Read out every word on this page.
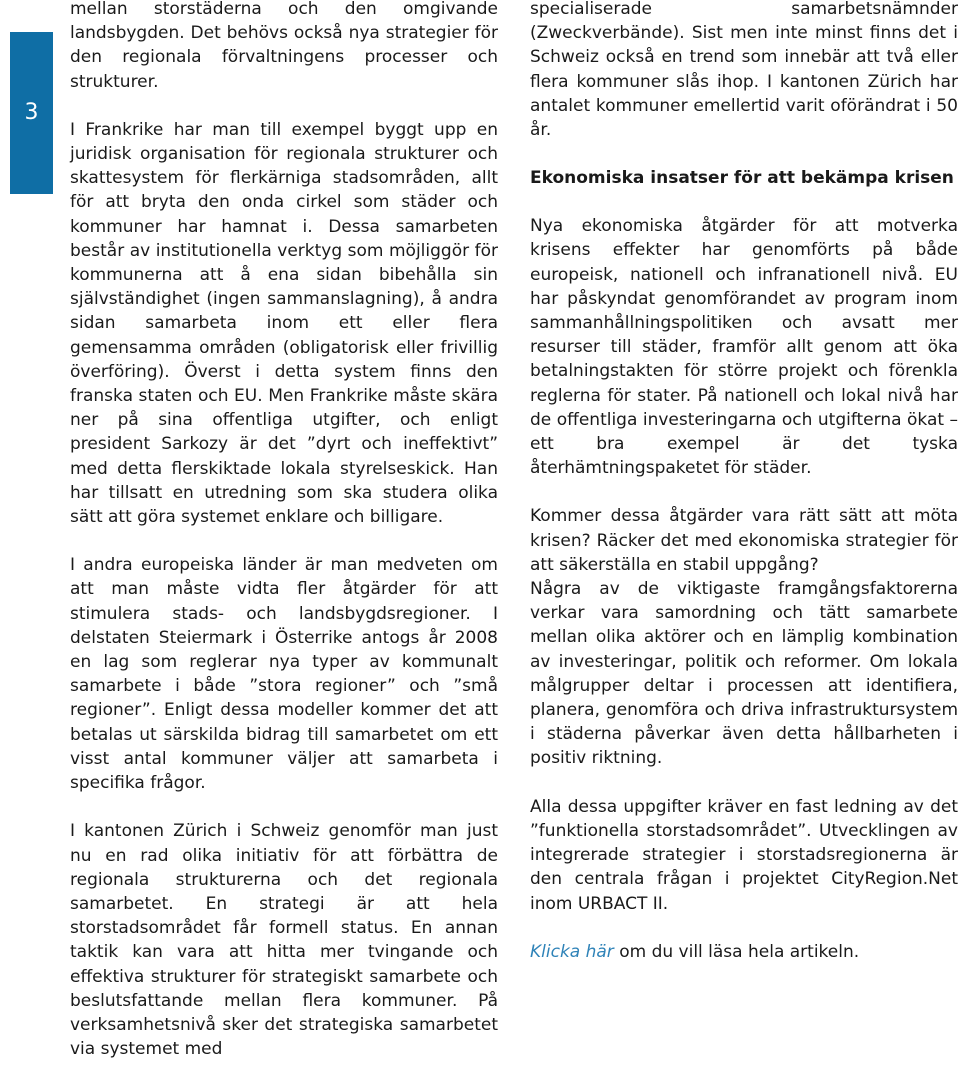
3

mellan storstäderna och den omgivande landsbygden. Det behövs också nya strategier för den regionala förvaltningens processer och strukturer.

I Frankrike har man till exempel byggt upp en juridisk organisation för regionala strukturer och skattesystem för flerkärniga stadsområden, allt för att bryta den onda cirkel som städer och kommuner har hamnat i. Dessa samarbeten består av institutionella verktyg som möjliggör för kommunerna att å ena sidan bibehålla sin självständighet (ingen sammanslagning), å andra sidan samarbeta inom ett eller flera gemensamma områden (obligatorisk eller frivillig överföring). Överst i detta system finns den franska staten och EU. Men Frankrike måste skära ner på sina offentliga utgifter, och enligt president Sarkozy är det ”dyrt och ineffektivt” med detta flerskiktade lokala styrelseskick. Han har tillsatt en utredning som ska studera olika sätt att göra systemet enklare och billigare.

I andra europeiska länder är man medveten om att man måste vidta fler åtgärder för att stimulera stads- och landsbygdsregioner. I delstaten Steiermark i Österrike antogs år 2008 en lag som reglerar nya typer av kommunalt samarbete i både ”stora regioner” och ”små regioner”. Enligt dessa modeller kommer det att betalas ut särskilda bidrag till samarbetet om ett visst antal kommuner väljer att samarbeta i specifika frågor.

I kantonen Zürich i Schweiz genomför man just nu en rad olika initiativ för att förbättra de regionala strukturerna och det regionala samarbetet. En strategi är att hela storstadsområdet får formell status. En annan taktik kan vara att hitta mer tvingande och effektiva strukturer för strategiskt samarbete och beslutsfattande mellan flera kommuner. På verksamhetsnivå sker det strategiska samarbetet via systemet med

specialiserade samarbetsnämnder (Zweckverbände). Sist men inte minst finns det i Schweiz också en trend som innebär att två eller flera kommuner slås ihop. I kantonen Zürich har antalet kommuner emellertid varit oförändrat i 50 år.

Ekonomiska insatser för att bekämpa krisen

Nya ekonomiska åtgärder för att motverka krisens effekter har genomförts på både europeisk, nationell och infranationell nivå. EU har påskyndat genomförandet av program inom sammanhållningspolitiken och avsatt mer resurser till städer, framför allt genom att öka betalningstakten för större projekt och förenkla reglerna för stater. På nationell och lokal nivå har de offentliga investeringarna och utgifterna ökat – ett bra exempel är det tyska återhämtningspaketet för städer.

Kommer dessa åtgärder vara rätt sätt att möta krisen? Räcker det med ekonomiska strategier för att säkerställa en stabil uppgång?

Några av de viktigaste framgångsfaktorerna verkar vara samordning och tätt samarbete mellan olika aktörer och en lämplig kombination av investeringar, politik och reformer. Om lokala målgrupper deltar i processen att identifiera, planera, genomföra och driva infrastruktursystem i städerna påverkar även detta hållbarheten i positiv riktning.

Alla dessa uppgifter kräver en fast ledning av det ”funktionella storstadsområdet”. Utvecklingen av integrerade strategier i storstadsregionerna är den centrala frågan i projektet CityRegion.Net inom URBACT II.

Klicka här om du vill läsa hela artikeln.
